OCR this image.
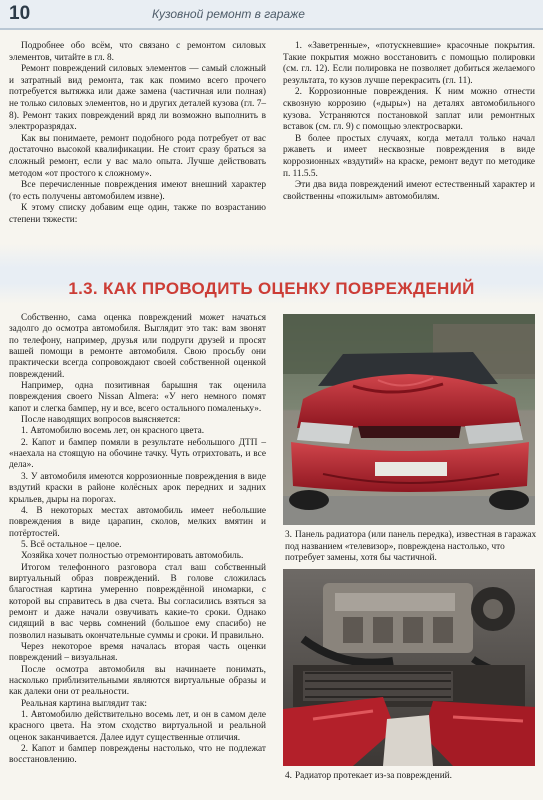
10	Кузовной ремонт в гараже

Подробнее обо всём, что связано с ремонтом силовых элементов, читайте в гл. 8.

Ремонт повреждений силовых элементов — самый сложный и затратный вид ремонта, так как помимо всего прочего потребуется вытяжка или даже замена (частичная или полная) не только силовых элементов, но и других деталей кузова (гл. 7–8). Ремонт таких повреждений вряд ли возможно выполнить в электроразрядах.

Как вы понимаете, ремонт подобного рода потребует от вас достаточно высокой квалификации. Не стоит сразу браться за сложный ремонт, если у вас мало опыта. Лучше действовать методом «от простого к сложному».

Все перечисленные повреждения имеют внешний характер (то есть получены автомобилем извне).

К этому списку добавим еще один, также по возрастанию степени тяжести:

1. «Заветренные», «потускневшие» красочные покрытия. Такие покрытия можно восстановить с помощью полировки (см. гл. 12). Если полировка не позволяет добиться желаемого результата, то кузов лучше перекрасить (гл. 11).

2. Коррозионные повреждения. К ним можно отнести сквозную коррозию («дыры») на деталях автомобильного кузова. Устраняются постановкой заплат или ремонтных вставок (см. гл. 9) с помощью электросварки.

В более простых случаях, когда металл только начал ржаветь и имеет несквозные повреждения в виде коррозионных «вздутий» на краске, ремонт ведут по методике п. 11.5.5.

Эти два вида повреждений имеют естественный характер и свойственны «пожилым» автомобилям.

1.3. КАК ПРОВОДИТЬ ОЦЕНКУ ПОВРЕЖДЕНИЙ

Собственно, сама оценка повреждений может начаться задолго до осмотра автомобиля. Выглядит это так: вам звонят по телефону, например, друзья или подруги друзей и просят вашей помощи в ремонте автомобиля. Свою просьбу они практически всегда сопровождают своей собственной оценкой повреждений.

Например, одна позитивная барышня так оценила повреждения своего Nissan Almera: «У него немного помят капот и слегка бампер, ну и все, всего остального помаленьку».

После наводящих вопросов выясняется:

1. Автомобилю восемь лет, он красного цвета.

2. Капот и бампер помяли в результате небольшого ДТП – «наехала на стоящую на обочине тачку. Чуть отрихтовать, и все дела».

3. У автомобиля имеются коррозионные повреждения в виде вздутий краски в районе колёсных арок передних и задних крыльев, дыры на порогах.

4. В некоторых местах автомобиль имеет небольшие повреждения в виде царапин, сколов, мелких вмятин и потёртостей.

5. Всё остальное – целое.

Хозяйка хочет полностью отремонтировать автомобиль.

Итогом телефонного разговора стал ваш собственный виртуальный образ повреждений. В голове сложилась благостная картина умеренно повреждённой иномарки, с которой вы справитесь в два счета. Вы согласились взяться за ремонт и даже начали озвучивать какие-то сроки. Однако сидящий в вас червь сомнений (большое ему спасибо) не позволил называть окончательные суммы и сроки. И правильно.

Через некоторое время началась вторая часть оценки повреждений – визуальная.

После осмотра автомобиля вы начинаете понимать, насколько приблизительными являются виртуальные образы и как далеки они от реальности.

Реальная картина выглядит так:

1. Автомобилю действительно восемь лет, и он в самом деле красного цвета. На этом сходство виртуальной и реальной оценок заканчивается. Далее идут существенные отличия.

2. Капот и бампер повреждены настолько, что не подлежат восстановлению.

3. Панель радиатора (или панель передка), известная в гаражах под названием «телевизор», повреждена настолько, что потребует замены, хотя бы частичной.
4. Радиатор протекает из-за повреждений.
